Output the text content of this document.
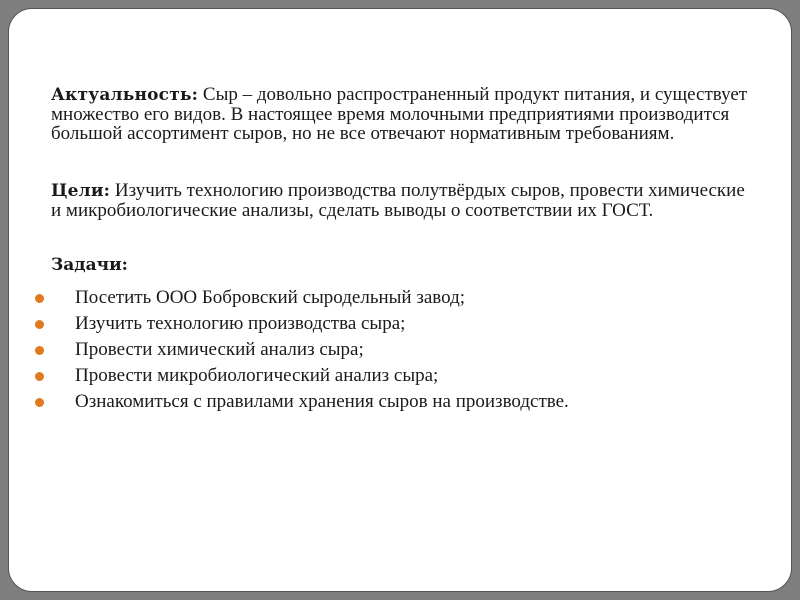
Актуальность: Сыр – довольно распространенный продукт питания, и существует множество его видов. В настоящее время молочными предприятиями производится большой ассортимент сыров, но не все отвечают нормативным требованиям.

Цели: Изучить технологию производства полутвёрдых сыров, провести химические и микробиологические анализы, сделать выводы о соответствии их ГОСТ.

Задачи:
Посетить ООО Бобровский сыродельный завод;
Изучить технологию производства сыра;
Провести химический анализ сыра;
Провести микробиологический анализ сыра;
Ознакомиться с правилами хранения сыров на производстве.
